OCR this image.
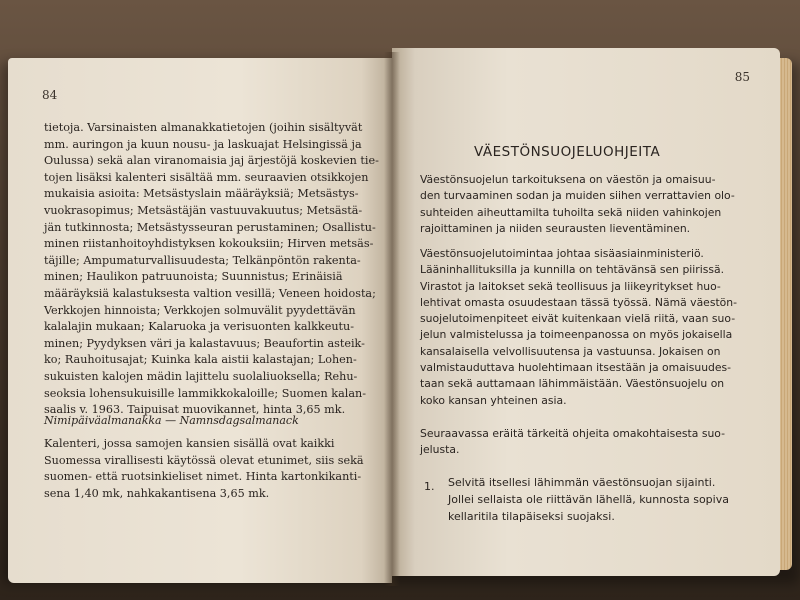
84
tietoja. Varsinaisten almanakkatietojen (joihin sisältyvät
mm. auringon ja kuun nousu- ja laskuajat Helsingissä ja
Oulussa) sekä alan viranomaisia jaj ärjestöjä koskevien tie-
tojen lisäksi kalenteri sisältää mm. seuraavien otsikkojen
mukaisia asioita: Metsästyslain määräyksiä; Metsästys-
vuokrasopimus; Metsästäjän vastuuvakuutus; Metsästä-
jän tutkinnosta; Metsästysseuran perustaminen; Osallistu-
minen riistanhoitoyhdistyksen kokouksiin; Hirven metsäs-
täjille; Ampumaturvallisuudesta; Telkänpöntön rakenta-
minen; Haulikon patruunoista; Suunnistus; Erinäisiä
määräyksiä kalastuksesta valtion vesillä; Veneen hoidosta;
Verkkojen hinnoista; Verkkojen solmuvälit pyydettävän
kalalajin mukaan; Kalaruoka ja verisuonten kalkkeutu-
minen; Pyydyksen väri ja kalastavuus; Beaufortin asteik-
ko; Rauhoitusajat; Kuinka kala aistii kalastajan; Lohen-
sukuisten kalojen mädin lajittelu suolaliuoksella; Rehu-
seoksia lohensukuisille lammikkokaloille; Suomen kalan-
saalis v. 1963. Taipuisat muovikannet, hinta 3,65 mk.
Nimipäiväalmanakka — Namnsdagsalmanack
Kalenteri, jossa samojen kansien sisällä ovat kaikki
Suomessa virallisesti käytössä olevat etunimet, siis sekä
suomen- että ruotsinkieliset nimet. Hinta kartonkikanti-
sena 1,40 mk, nahkakantisena 3,65 mk.
85
VÄESTÖNSUOJELUOHJEITA
Väestönsuojelun tarkoituksena on väestön ja omaisuu-
den turvaaminen sodan ja muiden siihen verrattavien olo-
suhteiden aiheuttamilta tuhoilta sekä niiden vahinkojen
rajoittaminen ja niiden seurausten lieventäminen.
Väestönsuojelutoimintaa johtaa sisäasiainministeriö.
Lääninhallituksilla ja kunnilla on tehtävänsä sen piirissä.
Virastot ja laitokset sekä teollisuus ja liikeyritykset huo-
lehtivat omasta osuudestaan tässä työssä. Nämä väestön-
suojelutoimenpiteet eivät kuitenkaan vielä riitä, vaan suo-
jelun valmistelussa ja toimeenpanossa on myös jokaisella
kansalaisella velvollisuutensa ja vastuunsa. Jokaisen on
valmistauduttava huolehtimaan itsestään ja omaisuudes-
taan sekä auttamaan lähimmäistään. Väestönsuojelu on
koko kansan yhteinen asia.
Seuraavassa eräitä tärkeitä ohjeita omakohtaisesta suo-
jelusta.
1. Selvitä itsellesi lähimmän väestönsuojan sijainti.
Jollei sellaista ole riittävän lähellä, kunnosta sopiva
kellaritila tilapäiseksi suojaksi.
